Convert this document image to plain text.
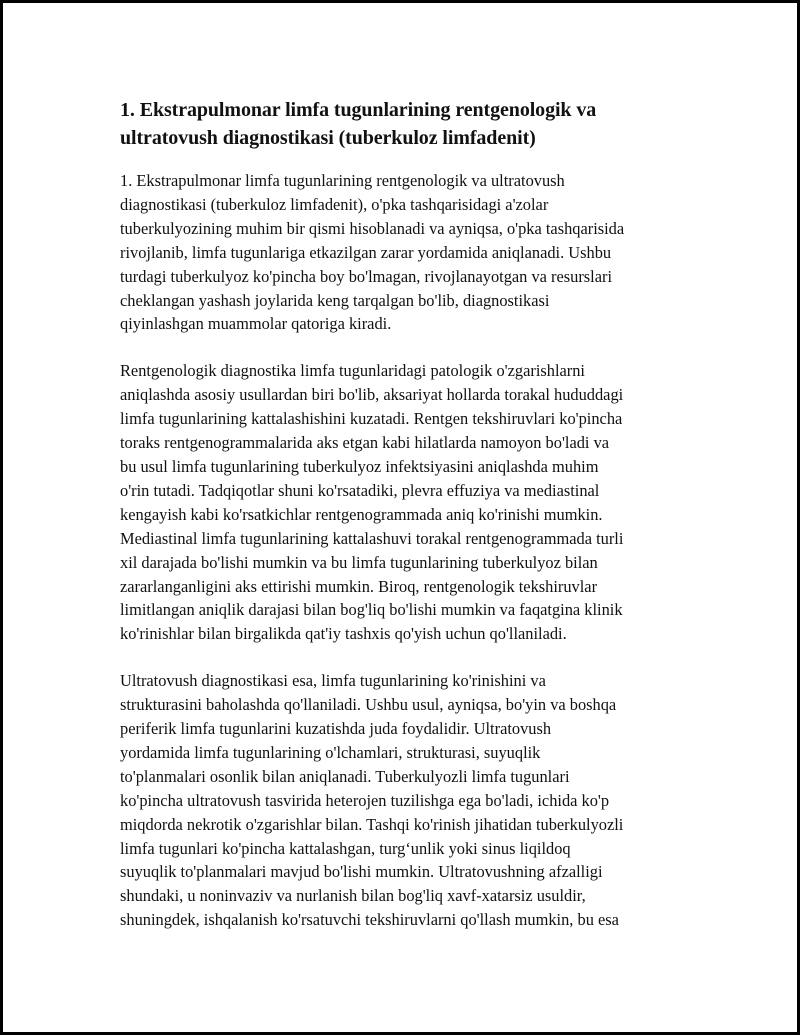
1. Ekstrapulmonar limfa tugunlarining rentgenologik va
ultratovush diagnostikasi (tuberkuloz limfadenit)

1. Ekstrapulmonar limfa tugunlarining rentgenologik va ultratovush
diagnostikasi (tuberkuloz limfadenit), o'pka tashqarisidagi a'zolar
tuberkulyozining muhim bir qismi hisoblanadi va ayniqsa, o'pka tashqarisida
rivojlanib, limfa tugunlariga etkazilgan zarar yordamida aniqlanadi. Ushbu
turdagi tuberkulyoz ko'pincha boy bo'lmagan, rivojlanayotgan va resurslari
cheklangan yashash joylarida keng tarqalgan bo'lib, diagnostikasi
qiyinlashgan muammolar qatoriga kiradi.

Rentgenologik diagnostika limfa tugunlaridagi patologik o'zgarishlarni
aniqlashda asosiy usullardan biri bo'lib, aksariyat hollarda torakal hududdagi
limfa tugunlarining kattalashishini kuzatadi. Rentgen tekshiruvlari ko'pincha
toraks rentgenogrammalarida aks etgan kabi hilatlarda namoyon bo'ladi va
bu usul limfa tugunlarining tuberkulyoz infektsiyasini aniqlashda muhim
o'rin tutadi. Tadqiqotlar shuni ko'rsatadiki, plevra effuziya va mediastinal
kengayish kabi ko'rsatkichlar rentgenogrammada aniq ko'rinishi mumkin.
Mediastinal limfa tugunlarining kattalashuvi torakal rentgenogrammada turli
xil darajada bo'lishi mumkin va bu limfa tugunlarining tuberkulyoz bilan
zararlanganligini aks ettirishi mumkin. Biroq, rentgenologik tekshiruvlar
limitlangan aniqlik darajasi bilan bog'liq bo'lishi mumkin va faqatgina klinik
ko'rinishlar bilan birgalikda qat'iy tashxis qo'yish uchun qo'llaniladi.

Ultratovush diagnostikasi esa, limfa tugunlarining ko'rinishini va
strukturasini baholashda qo'llaniladi. Ushbu usul, ayniqsa, bo'yin va boshqa
periferik limfa tugunlarini kuzatishda juda foydalidir. Ultratovush
yordamida limfa tugunlarining o'lchamlari, strukturasi, suyuqlik
to'planmalari osonlik bilan aniqlanadi. Tuberkulyozli limfa tugunlari
ko'pincha ultratovush tasvirida heterojen tuzilishga ega bo'ladi, ichida ko'p
miqdorda nekrotik o'zgarishlar bilan. Tashqi ko'rinish jihatidan tuberkulyozli
limfa tugunlari ko'pincha kattalashgan, turg‘unlik yoki sinus liqildoq
suyuqlik to'planmalari mavjud bo'lishi mumkin. Ultratovushning afzalligi
shundaki, u noninvaziv va nurlanish bilan bog'liq xavf-xatarsiz usuldir,
shuningdek, ishqalanish ko'rsatuvchi tekshiruvlarni qo'llash mumkin, bu esa
